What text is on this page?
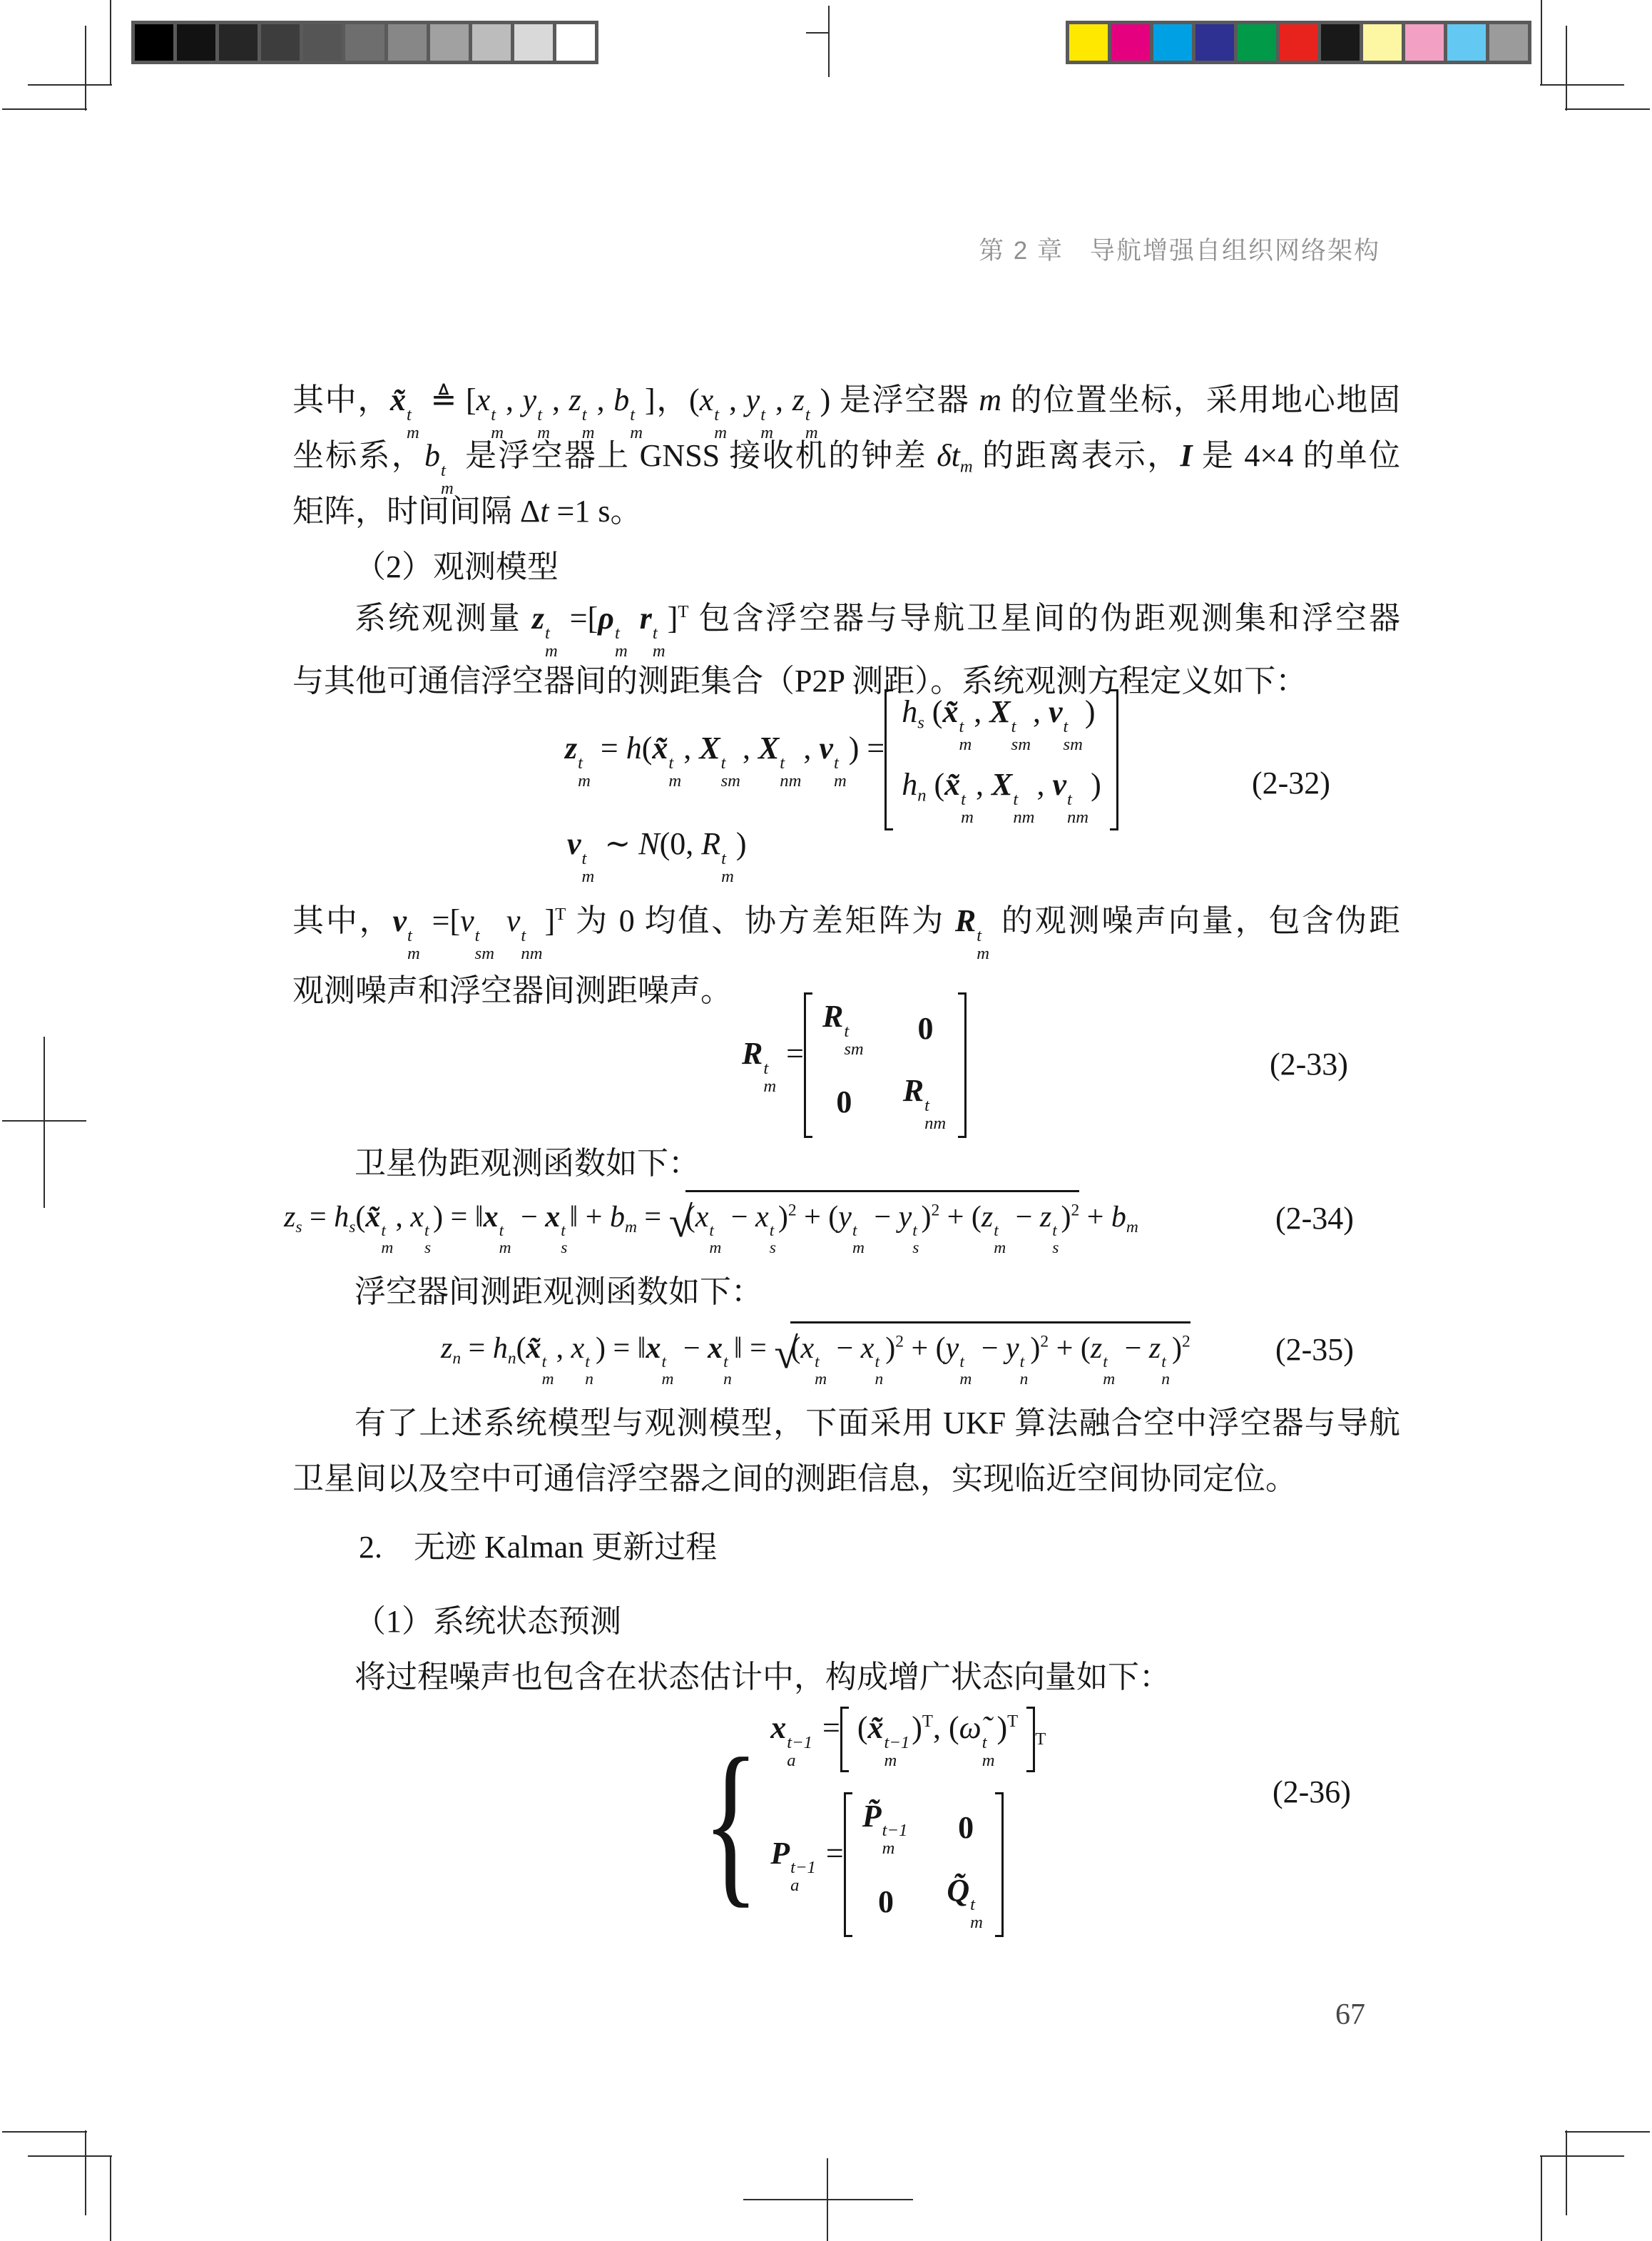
第 2 章　导航增强自组织网络架构
其中，x̃ t
m
≜ [x t
m
, y t
m
, z t
m
, b t
m
]，(x t
m
, y t
m
, z t
m
) 是浮空器 m 的位置坐标，采用地心地固
坐标系，b t
m
是浮空器上 GNSS 接收机的钟差 δtm 的距离表示，I 是 4×4 的单位
矩阵，时间间隔 Δt =1 s。
（2）观测模型
系统观测量 z t
m
=[ρ t
m
r t
m
]$^T$ 包含浮空器与导航卫星间的伪距观测集和浮空器
与其他可通信浮空器间的测距集合（P2P 测距）。系统观测方程定义如下：
z t
m
= h(x̃ t
m
, X t
sm
, X t
nm
, v t
m
) =
hs (x̃ t
m
, X t
sm
, v t
sm
)
hn (x̃ t
m
, X t
nm
, v t
nm
)
v t
m
∼ N(0, R t
m
)
(2-32)
其中，v t
m
=[v t
sm
v t
nm
]$^T$ 为 0 均值、协方差矩阵为 R t
m
的观测噪声向量，包含伪距
观测噪声和浮空器间测距噪声。
R t
m
=
R t
sm
0
0 R t
nm
(2-33)
卫星伪距观测函数如下：
zs = hs(x̃ t
m
, x t
s
) = ‖x t
m
− x t
s
‖ + bm = √ (x t
m
− x t
s
)$^2$ + (y t
m
− y t
s
)$^2$ + (z t
m
− z t
s
)$^2$ + bm	(2-34)
浮空器间测距观测函数如下：
zn = hn(x̃ t
m
, x t
n
) = ‖x t
m
− x t
n
‖ = √ (x t
m
− x t
n
)$^2$ + (y t
m
− y t
n
)$^2$ + (z t
m
− z t
n
)$^2$	(2-35)
有了上述系统模型与观测模型，下面采用 UKF 算法融合空中浮空器与导航
卫星间以及空中可通信浮空器之间的测距信息，实现临近空间协同定位。
2.　无迹 Kalman 更新过程
（1）系统状态预测
将过程噪声也包含在状态估计中，构成增广状态向量如下：
{ x t−1
a
= (x̃ t−1
m
)$^T$, (ω̃ t
m
)$^T$
T
P t−1
a
=
P̃ t−1
m
0
0 Q̃ t
m
(2-36)
67
